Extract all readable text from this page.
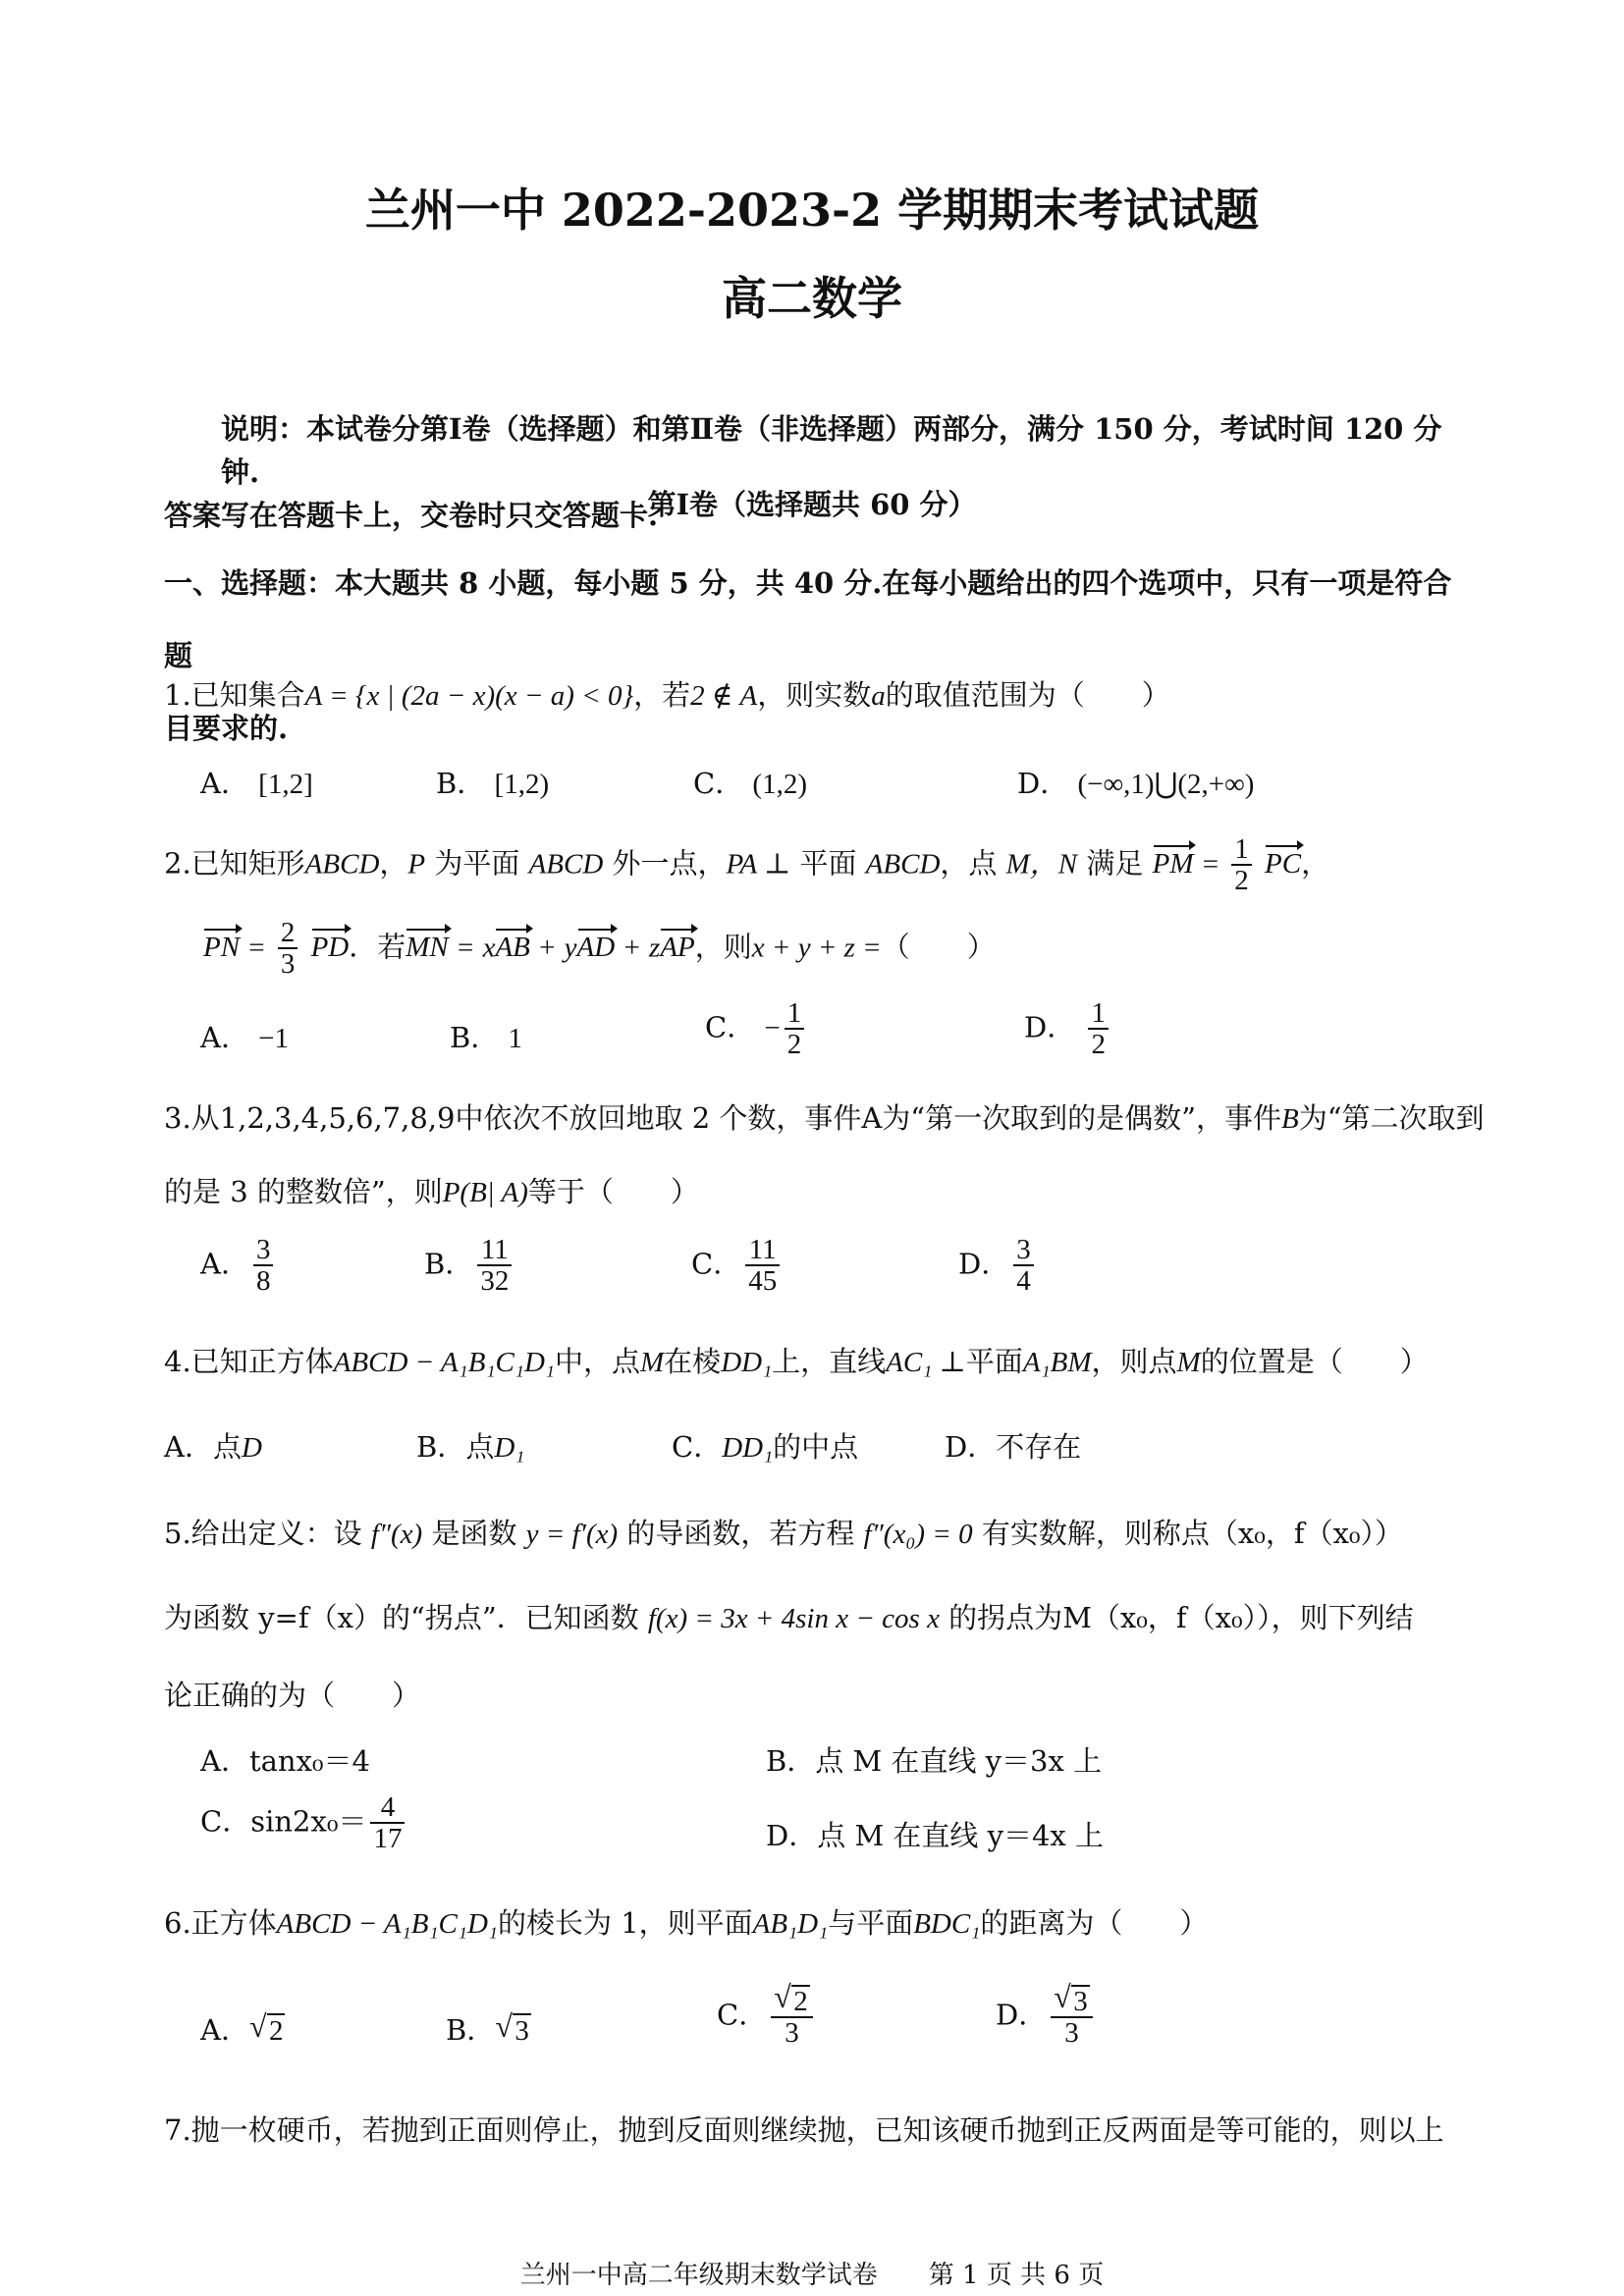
兰州一中 2022-2023-2 学期期末考试试题
高二数学
说明：本试卷分第Ⅰ卷（选择题）和第Ⅱ卷（非选择题）两部分，满分 150 分，考试时间 120 分钟.
答案写在答题卡上，交卷时只交答题卡.
第Ⅰ卷（选择题共 60 分）
一、选择题：本大题共 8 小题，每小题 5 分，共 40 分.在每小题给出的四个选项中，只有一项是符合题
目要求的.
1.已知集合A = {x | (2a − x)(x − a) < 0}，若2 ∉ A，则实数a的取值范围为（　　）
A． [1,2]	B． [1,2)	C． (1,2)	D． (−∞,1)⋃(2,+∞)
2.已知矩形ABCD，P 为平面 ABCD 外一点，PA ⊥ 平面 ABCD，点 M，N 满足 PM = $\frac{1}{2}$ PC，
PN = $\frac{2}{3}$ PD．若MN = xAB + yAD + zAP，则x + y + z =（　　）
A． −1	B． 1	C． − $\frac{1}{2}$	D． $\frac{1}{2}$
3.从1,2,3,4,5,6,7,8,9中依次不放回地取 2 个数，事件A为“第一次取到的是偶数”，事件B为“第二次取到
的是 3 的整数倍”，则P(B| A)等于（　　）
A． $\frac{3}{8}$	B． $\frac{11}{32}$	C． $\frac{11}{45}$	D． $\frac{3}{4}$
4.已知正方体ABCD − A₁B₁C₁D₁中，点M在棱DD₁上，直线AC₁ ⊥平面A₁BM，则点M的位置是（　　）
A．点D	B．点D₁	C．DD₁的中点	D．不存在
5.给出定义：设 f″(x) 是函数 y = f′(x) 的导函数，若方程 f″(x₀) = 0 有实数解，则称点（x₀，f（x₀））
为函数 y=f（x）的“拐点”．已知函数 f(x) = 3x + 4sin x − cos x 的拐点为M（x₀，f（x₀）），则下列结
论正确的为（　　）
A．tanx₀＝4	B．点 M 在直线 y＝3x 上
C．$\sin 2x_0= \frac{4}{17}$	D．点 M 在直线 y＝4x 上
6.正方体ABCD − A₁B₁C₁D₁的棱长为 1，则平面AB₁D₁与平面BDC₁的距离为（　　）
A． √ 2	B． √ 3	C． $\frac{√ 2}{3}$	D． $\frac{√ 3}{3}$
7.抛一枚硬币，若抛到正面则停止，抛到反面则继续抛，已知该硬币抛到正反两面是等可能的，则以上
兰州一中高二年级期末数学试卷　　第 1 页 共 6 页
